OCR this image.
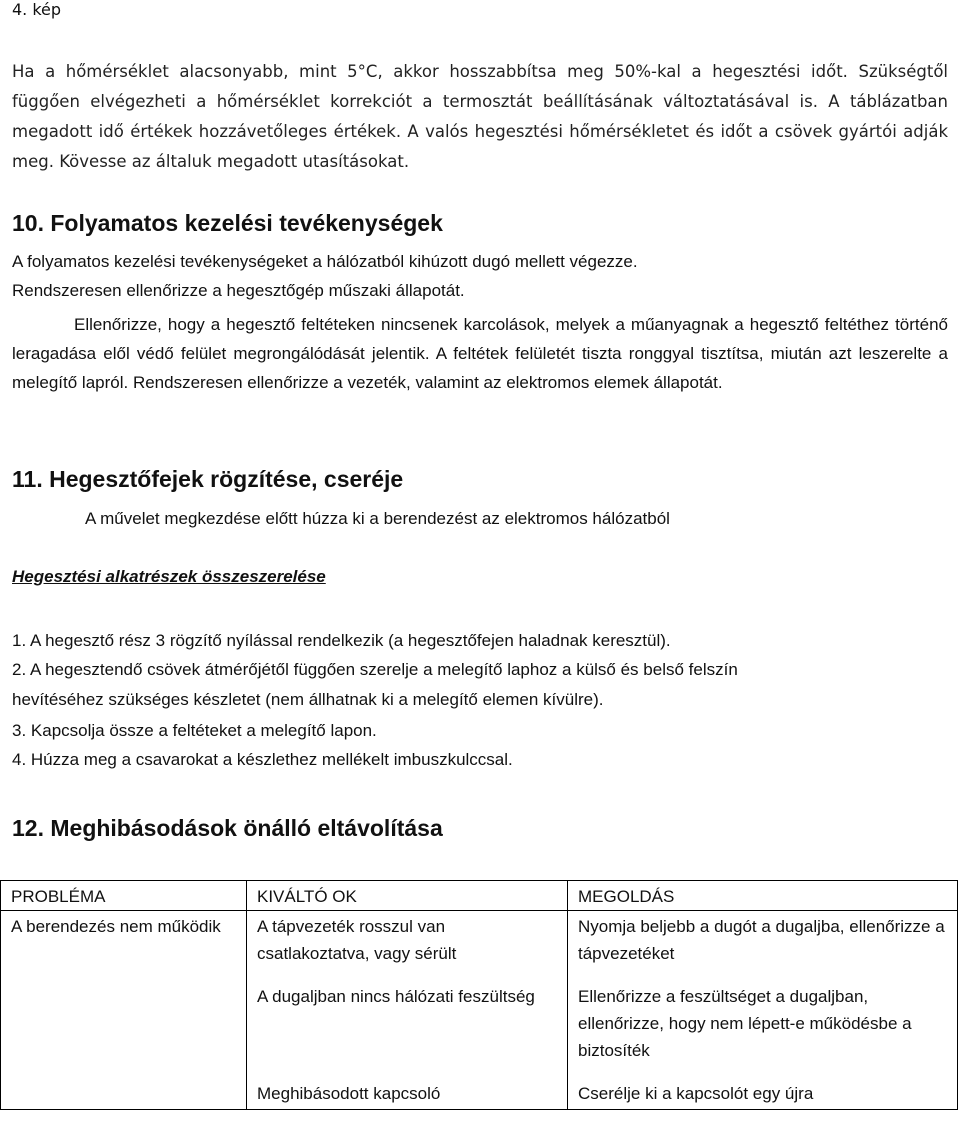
4. kép
Ha a hőmérséklet alacsonyabb, mint 5°C, akkor hosszabbítsa meg 50%-kal a hegesztési időt. Szükségtől függően elvégezheti a hőmérséklet korrekciót a termosztát beállításának változtatásával is. A táblázatban megadott idő értékek hozzávetőleges értékek. A valós hegesztési hőmérsékletet és időt a csövek gyártói adják meg. Kövesse az általuk megadott utasításokat.
10. Folyamatos kezelési tevékenységek
A folyamatos kezelési tevékenységeket a hálózatból kihúzott dugó mellett végezze.
Rendszeresen ellenőrizze a hegesztőgép műszaki állapotát.
Ellenőrizze, hogy a hegesztő feltéteken nincsenek karcolások, melyek a műanyagnak a hegesztő feltéthez történő leragadása elől védő felület megrongálódását jelentik. A feltétek felületét tiszta ronggyal tisztítsa, miután azt leszerelte a melegítő lapról. Rendszeresen ellenőrizze a vezeték, valamint az elektromos elemek állapotát.
11. Hegesztőfejek rögzítése, cseréje
A művelet megkezdése előtt húzza ki a berendezést az elektromos hálózatból
Hegesztési alkatrészek összeszerelése
1. A hegesztő rész 3 rögzítő nyílással rendelkezik (a hegesztőfejen haladnak keresztül).
2. A hegesztendő csövek átmérőjétől függően szerelje a melegítő laphoz a külső és belső felszín
hevítéséhez szükséges készletet (nem állhatnak ki a melegítő elemen kívülre).
3. Kapcsolja össze a feltéteket a melegítő lapon.
4. Húzza meg a csavarokat a készlethez mellékelt imbuszkulccsal.
12. Meghibásodások önálló eltávolítása
PROBLÉMA	KIVÁLTÓ OK	MEGOLDÁS
A berendezés nem működik	A tápvezeték rosszul van csatlakoztatva, vagy sérült	Nyomja beljebb a dugót a dugaljba, ellenőrizze a tápvezetéket
	A dugaljban nincs hálózati feszültség	Ellenőrizze a feszültséget a dugaljban, ellenőrizze, hogy nem lépett-e működésbe a biztosíték
	Meghibásodott kapcsoló	Cserélje ki a kapcsolót egy újra
